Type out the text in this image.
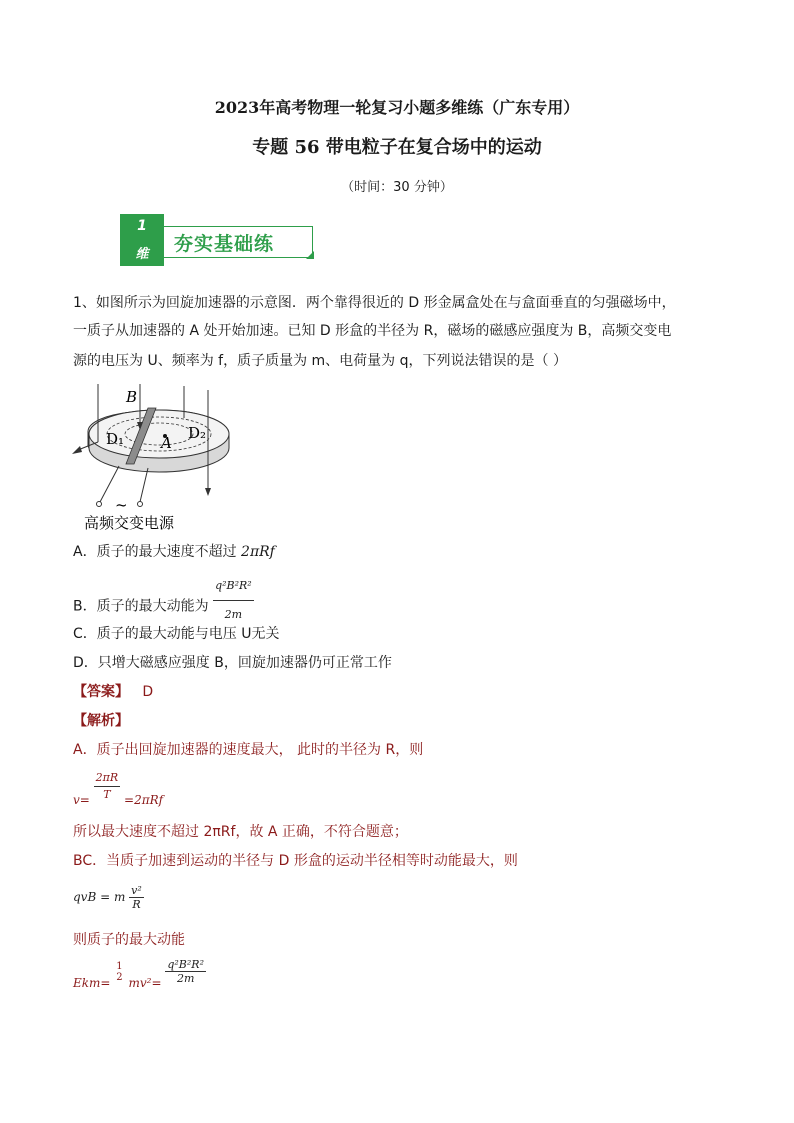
2023年高考物理一轮复习小题多维练（广东专用）
专题 56 带电粒子在复合场中的运动
（时间：30 分钟）
1
维	夯实基础练
1、如图所示为回旋加速器的示意图．两个靠得很近的 D 形金属盒处在与盒面垂直的匀强磁场中，
一质子从加速器的 A 处开始加速。已知 D 形盒的半径为 R，磁场的磁感应强度为 B，高频交变电
源的电压为 U、频率为 f，质子质量为 m、电荷量为 q，下列说法错误的是（ ）
B
D₁	D₂
A
~
高频交变电源
A．质子的最大速度不超过 2πRf
B．质子的最大动能为 $\frac{\text{q²B²R²}}{2m}$
C．质子的最大动能与电压 U无关
D．只增大磁感应强度 B，回旋加速器仍可正常工作
【答案】 D
【解析】
A．质子出回旋加速器的速度最大， 此时的半径为 R，则
$v= \frac{2\pi R}{T} =2\pi Rf$
所以最大速度不超过 2πRf，故 A 正确，不符合题意；
BC．当质子加速到运动的半径与 D 形盒的运动半径相等时动能最大，则
qvB = m $\frac{\text{v²}}{R}$
则质子的最大动能
Ekm=
1
2 $mv^2= \frac{\text{q²B²R²}}{2m}$
